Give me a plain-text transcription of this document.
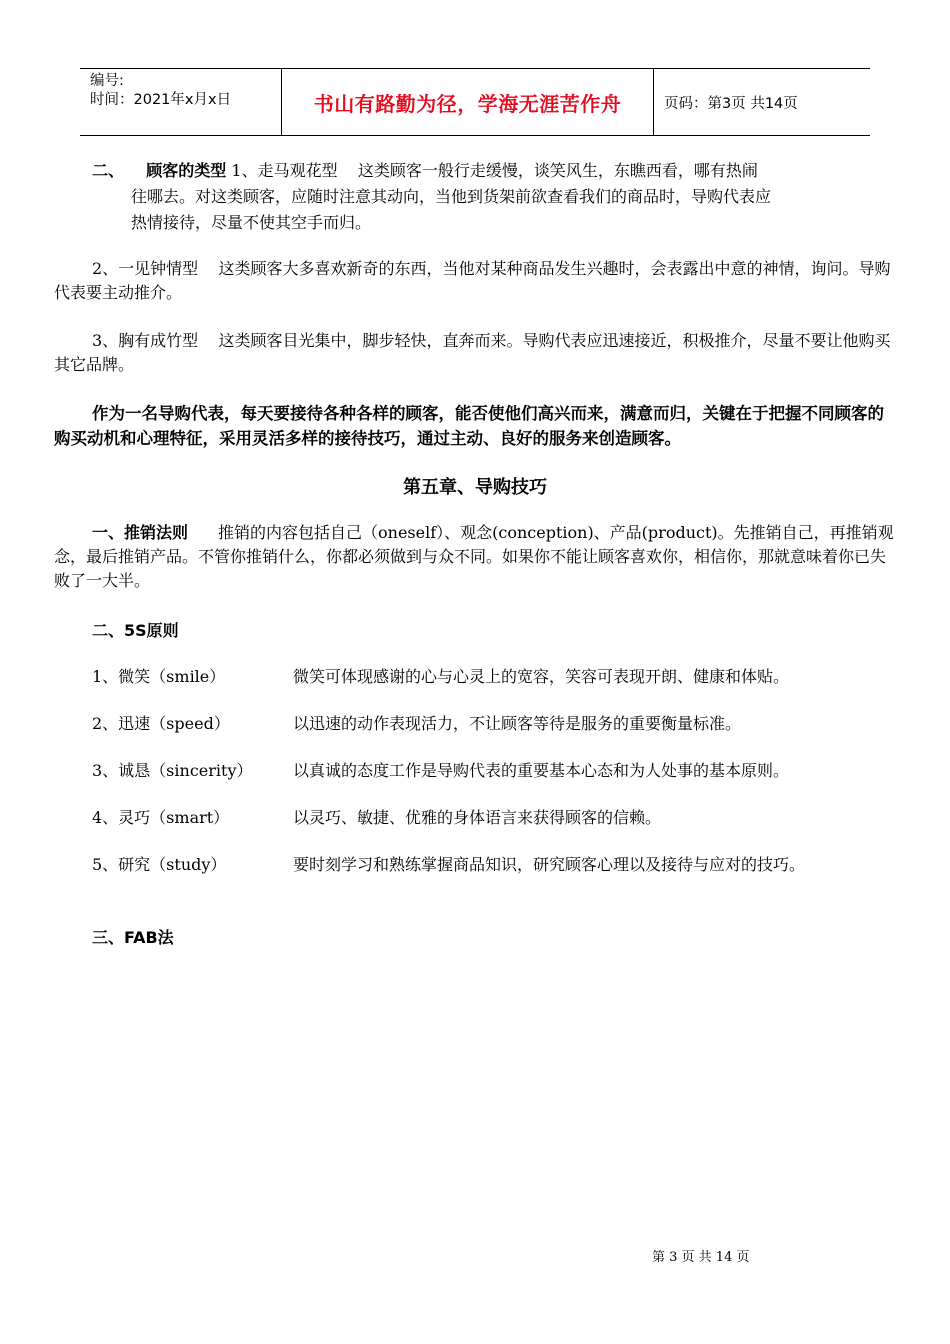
编号:
时间：2021年x月x日	书山有路勤为径，学海无涯苦作舟	页码：第3页 共14页
二、    顾客的类型 1、走马观花型    这类顾客一般行走缓慢，谈笑风生，东瞧西看，哪有热闹
往哪去。对这类顾客，应随时注意其动向，当他到货架前欲查看我们的商品时，导购代表应
热情接待，尽量不使其空手而归。

2、一见钟情型    这类顾客大多喜欢新奇的东西，当他对某种商品发生兴趣时，会表露出中意的神情，询问。导购代表要主动推介。

3、胸有成竹型    这类顾客目光集中，脚步轻快，直奔而来。导购代表应迅速接近，积极推介，尽量不要让他购买其它品牌。

作为一名导购代表，每天要接待各种各样的顾客，能否使他们高兴而来，满意而归，关键在于把握不同顾客的购买动机和心理特征，采用灵活多样的接待技巧，通过主动、良好的服务来创造顾客。

第五章、导购技巧

一、推销法则 推销的内容包括自己（oneself）、观念(conception)、产品(product)。先推销自己，再推销观念，最后推销产品。不管你推销什么，你都必须做到与众不同。如果你不能让顾客喜欢你，相信你，那就意味着你已失败了一大半。

二、5S原则
1、微笑（smile）	微笑可体现感谢的心与心灵上的宽容，笑容可表现开朗、健康和体贴。
2、迅速（speed）	以迅速的动作表现活力，不让顾客等待是服务的重要衡量标准。
3、诚恳（sincerity）	以真诚的态度工作是导购代表的重要基本心态和为人处事的基本原则。
4、灵巧（smart）	以灵巧、敏捷、优雅的身体语言来获得顾客的信赖。
5、研究（study）	要时刻学习和熟练掌握商品知识，研究顾客心理以及接待与应对的技巧。
三、FAB法
第 3 页 共 14 页
